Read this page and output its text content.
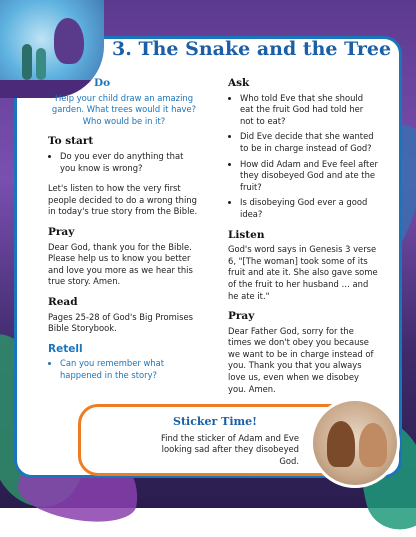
3. The Snake and the Tree
Do
Help your child draw an amazing garden. What trees would it have? Who would be in it?
To start
• Do you ever do anything that you know is wrong?

Let's listen to how the very first people decided to do a wrong thing in today's true story from the Bible.

Pray

Dear God, thank you for the Bible. Please help us to know you better and love you more as we hear this true story. Amen.

Read

Pages 25-28 of God's Big Promises Bible Storybook.

Retell
• Can you remember what happened in the story?
Ask
• Who told Eve that she should eat the fruit God had told her not to eat?
• Did Eve decide that she wanted to be in charge instead of God?
• How did Adam and Eve feel after they disobeyed God and ate the fruit?
• Is disobeying God ever a good idea?
Listen

God's word says in Genesis 3 verse 6, "[The woman] took some of its fruit and ate it. She also gave some of the fruit to her husband … and he ate it."

Pray

Dear Father God, sorry for the times we don't obey you because we want to be in charge instead of you. Thank you that you always love us, even when we disobey you. Amen.

Sticker Time!

Find the sticker of Adam and Eve looking sad after they disobeyed God.
